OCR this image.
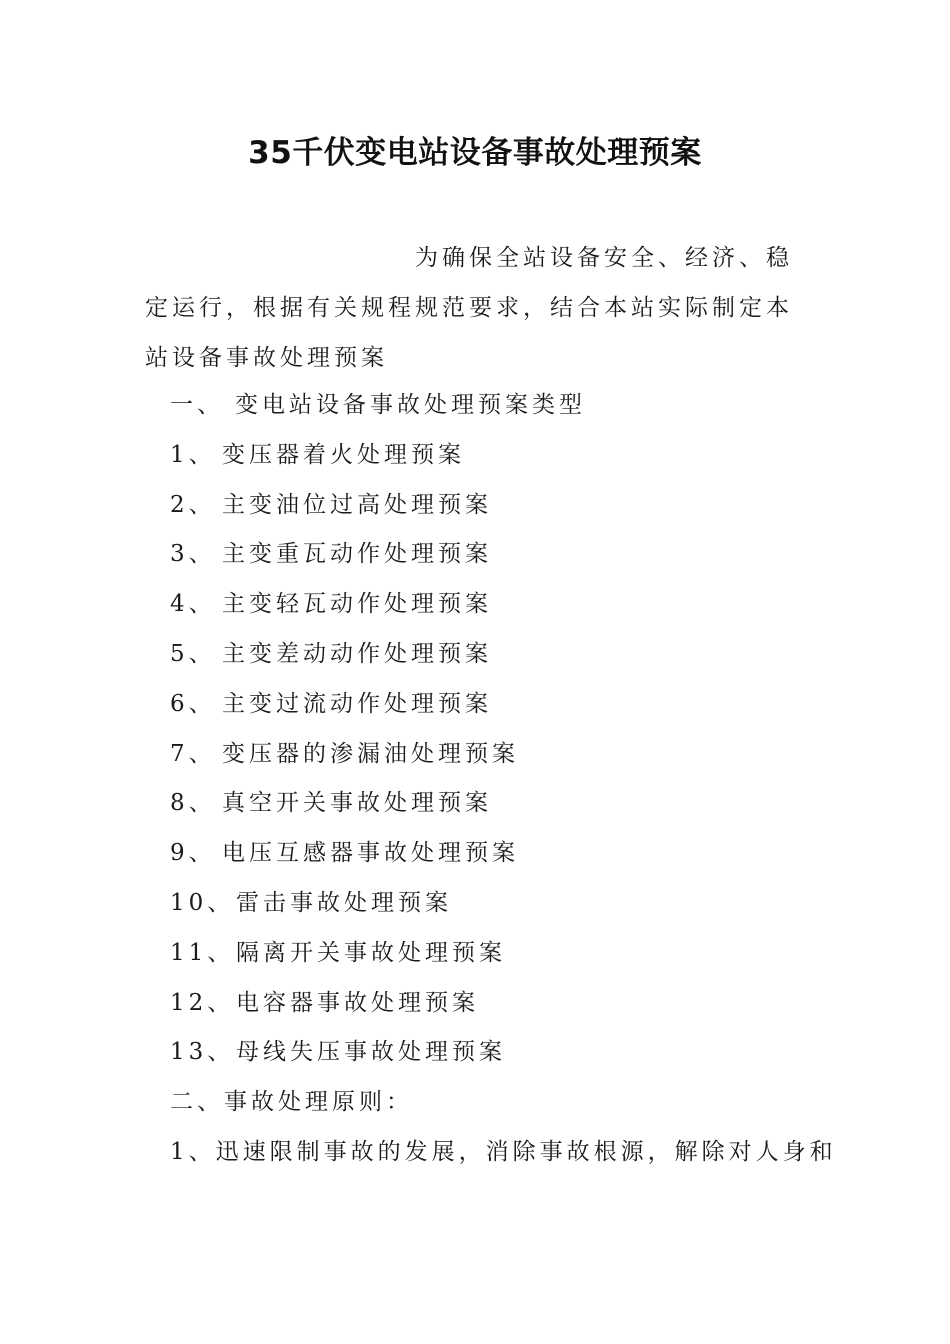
35千伏变电站设备事故处理预案
为确保全站设备安全、经济、稳定运行，根据有关规程规范要求，结合本站实际制定本站设备事故处理预案
一、 变电站设备事故处理预案类型
1、 变压器着火处理预案
2、 主变油位过高处理预案
3、 主变重瓦动作处理预案
4、 主变轻瓦动作处理预案
5、 主变差动动作处理预案
6、 主变过流动作处理预案
7、 变压器的渗漏油处理预案
8、 真空开关事故处理预案
9、 电压互感器事故处理预案
10、 雷击事故处理预案
11、 隔离开关事故处理预案
12、 电容器事故处理预案
13、 母线失压事故处理预案
二、事故处理原则：
1、迅速限制事故的发展，消除事故根源，解除对人身和
